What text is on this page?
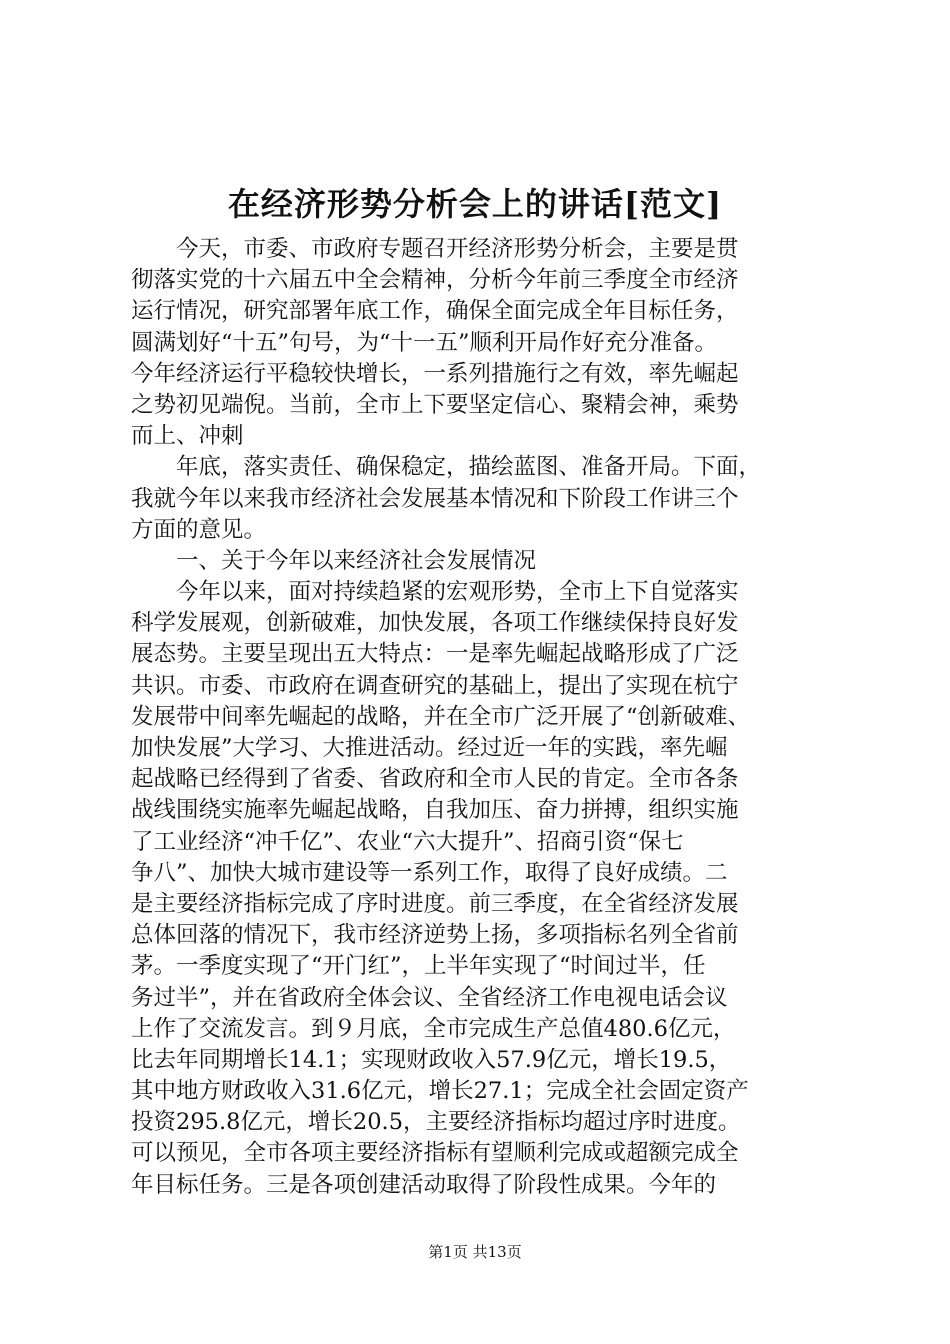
在经济形势分析会上的讲话[范文]
　　今天，市委、市政府专题召开经济形势分析会，主要是贯
彻落实党的十六届五中全会精神，分析今年前三季度全市经济
运行情况，研究部署年底工作，确保全面完成全年目标任务，
圆满划好“十五”句号，为“十一五”顺利开局作好充分准备。
今年经济运行平稳较快增长，一系列措施行之有效，率先崛起
之势初见端倪。当前，全市上下要坚定信心、聚精会神，乘势
而上、冲刺
　　年底，落实责任、确保稳定，描绘蓝图、准备开局。下面，
我就今年以来我市经济社会发展基本情况和下阶段工作讲三个
方面的意见。
　　一、关于今年以来经济社会发展情况
　　今年以来，面对持续趋紧的宏观形势，全市上下自觉落实
科学发展观，创新破难，加快发展，各项工作继续保持良好发
展态势。主要呈现出五大特点：一是率先崛起战略形成了广泛
共识。市委、市政府在调查研究的基础上，提出了实现在杭宁
发展带中间率先崛起的战略，并在全市广泛开展了“创新破难、
加快发展”大学习、大推进活动。经过近一年的实践，率先崛
起战略已经得到了省委、省政府和全市人民的肯定。全市各条
战线围绕实施率先崛起战略，自我加压、奋力拼搏，组织实施
了工业经济“冲千亿”、农业“六大提升”、招商引资“保七
争八”、加快大城市建设等一系列工作，取得了良好成绩。二
是主要经济指标完成了序时进度。前三季度，在全省经济发展
总体回落的情况下，我市经济逆势上扬，多项指标名列全省前
茅。一季度实现了“开门红”，上半年实现了“时间过半，任
务过半”，并在省政府全体会议、全省经济工作电视电话会议
上作了交流发言。到９月底，全市完成生产总值480.6亿元，
比去年同期增长14.1；实现财政收入57.9亿元，增长19.5，
其中地方财政收入31.6亿元，增长27.1；完成全社会固定资产
投资295.8亿元，增长20.5，主要经济指标均超过序时进度。
可以预见，全市各项主要经济指标有望顺利完成或超额完成全
年目标任务。三是各项创建活动取得了阶段性成果。今年的
第1页 共13页
